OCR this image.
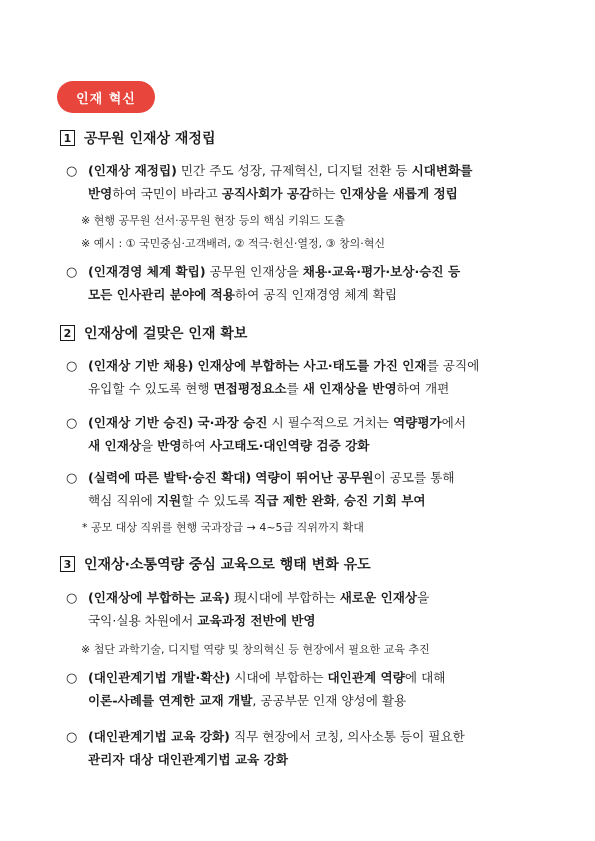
인재 혁신
1 공무원 인재상 재정립
○ (인재상 재정립) 민간 주도 성장, 규제혁신, 디지털 전환 등 시대변화를
반영하여 국민이 바라고 공직사회가 공감하는 인재상을 새롭게 정립
※ 현행 공무원 선서·공무원 현장 등의 핵심 키워드 도출
※ 예시 : ① 국민중심·고객배려, ② 적극·헌신·열정, ③ 창의·혁신
○ (인재경영 체계 확립) 공무원 인재상을 채용·교육·평가·보상·승진 등
모든 인사관리 분야에 적용하여 공직 인재경영 체계 확립
2 인재상에 걸맞은 인재 확보
○ (인재상 기반 채용) 인재상에 부합하는 사고·태도를 가진 인재를 공직에
유입할 수 있도록 현행 면접평정요소를 새 인재상을 반영하여 개편
○ (인재상 기반 승진) 국·과장 승진 시 필수적으로 거치는 역량평가에서
새 인재상을 반영하여 사고태도·대인역량 검증 강화
○ (실력에 따른 발탁·승진 확대) 역량이 뛰어난 공무원이 공모를 통해
핵심 직위에 지원할 수 있도록 직급 제한 완화, 승진 기회 부여
* 공모 대상 직위를 현행 국과장급 → 4~5급 직위까지 확대
3 인재상·소통역량 중심 교육으로 행태 변화 유도
○ (인재상에 부합하는 교육) 現시대에 부합하는 새로운 인재상을
국익·실용 차원에서 교육과정 전반에 반영
※ 첨단 과학기술, 디지털 역량 및 창의혁신 등 현장에서 필요한 교육 추진
○ (대인관계기법 개발·확산) 시대에 부합하는 대인관계 역량에 대해
이론-사례를 연계한 교재 개발, 공공부문 인재 양성에 활용
○ (대인관계기법 교육 강화) 직무 현장에서 코칭, 의사소통 등이 필요한
관리자 대상 대인관계기법 교육 강화
